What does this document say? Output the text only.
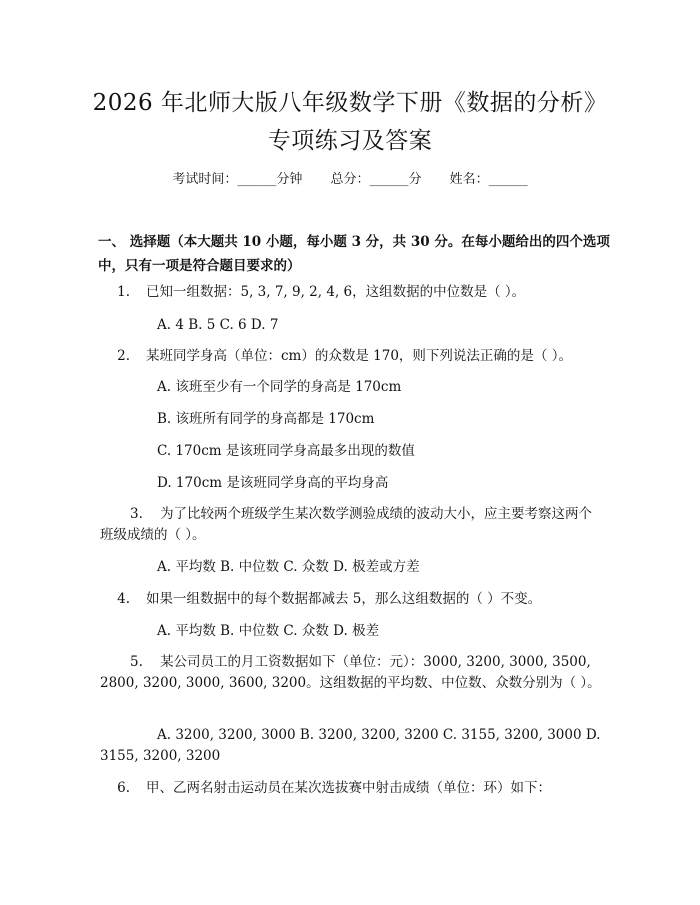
2026 年北师大版八年级数学下册《数据的分析》专项练习及答案
考试时间：______分钟 总分：______分 姓名：______
一、 选择题（本大题共 10 小题，每小题 3 分，共 30 分。在每小题给出的四个选项中，只有一项是符合题目要求的）
1. 已知一组数据：5, 3, 7, 9, 2, 4, 6，这组数据的中位数是（ ）。
A. 4 B. 5 C. 6 D. 7
2. 某班同学身高（单位：cm）的众数是 170，则下列说法正确的是（ ）。
A. 该班至少有一个同学的身高是 170cm
B. 该班所有同学的身高都是 170cm
C. 170cm 是该班同学身高最多出现的数值
D. 170cm 是该班同学身高的平均身高
3. 为了比较两个班级学生某次数学测验成绩的波动大小，应主要考察这两个班级成绩的（ ）。
A. 平均数 B. 中位数 C. 众数 D. 极差或方差
4. 如果一组数据中的每个数据都减去 5，那么这组数据的（ ）不变。
A. 平均数 B. 中位数 C. 众数 D. 极差
5. 某公司员工的月工资数据如下（单位：元）：3000, 3200, 3000, 3500, 2800, 3200, 3000, 3600, 3200。这组数据的平均数、中位数、众数分别为（ ）。
A. 3200, 3200, 3000 B. 3200, 3200, 3200 C. 3155, 3200, 3000 D. 3155, 3200, 3200
6. 甲、乙两名射击运动员在某次选拔赛中射击成绩（单位：环）如下：
